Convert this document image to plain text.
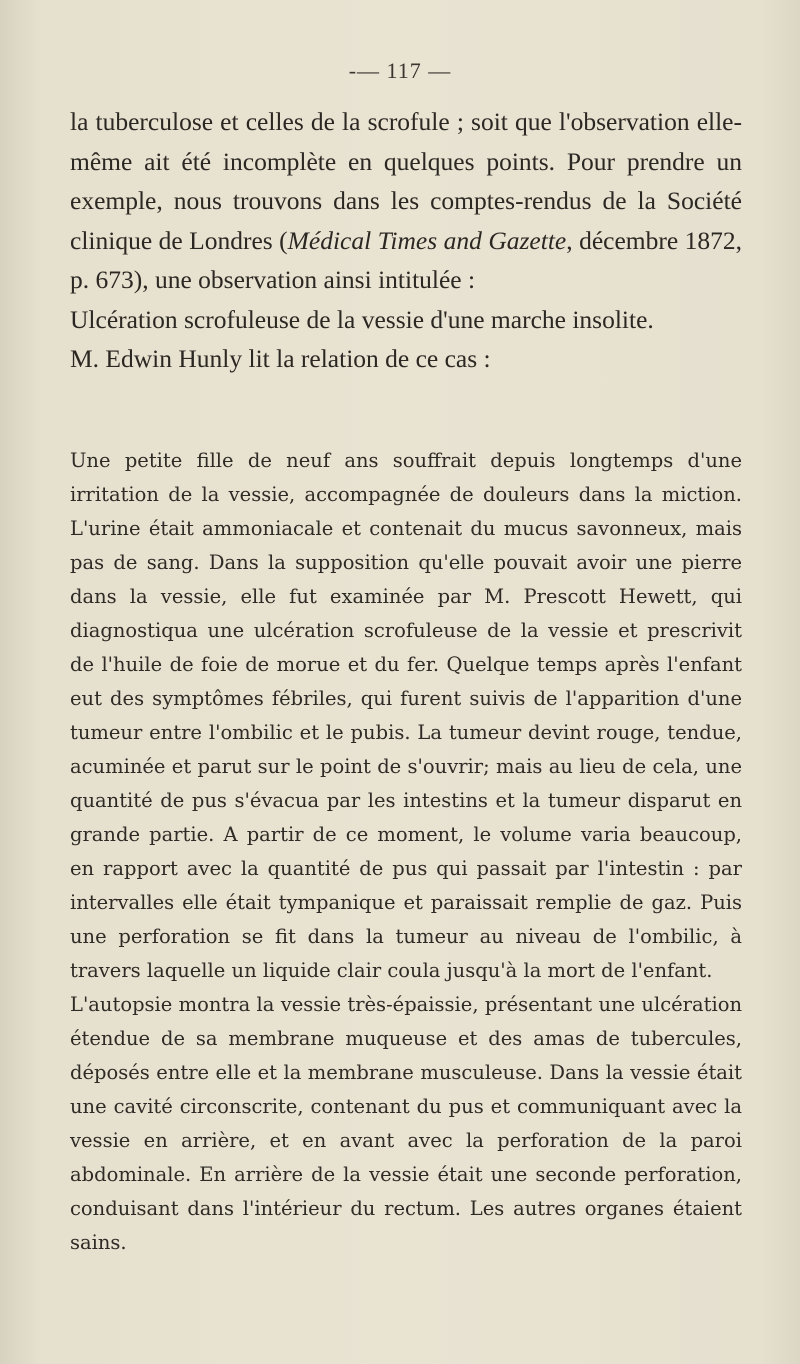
-— 117 —

la tuberculose et celles de la scrofule ; soit que l'observation elle-même ait été incomplète en quelques points. Pour prendre un exemple, nous trouvons dans les comptes-rendus de la Société clinique de Londres (Médical Times and Gazette, décembre 1872, p. 673), une observation ainsi intitulée :

Ulcération scrofuleuse de la vessie d'une marche insolite.

M. Edwin Hunly lit la relation de ce cas :

Une petite fille de neuf ans souffrait depuis longtemps d'une irritation de la vessie, accompagnée de douleurs dans la miction. L'urine était ammoniacale et contenait du mucus savonneux, mais pas de sang. Dans la supposition qu'elle pouvait avoir une pierre dans la vessie, elle fut examinée par M. Prescott Hewett, qui diagnostiqua une ulcération scrofuleuse de la vessie et prescrivit de l'huile de foie de morue et du fer. Quelque temps après l'enfant eut des symptômes fébriles, qui furent suivis de l'apparition d'une tumeur entre l'ombilic et le pubis. La tumeur devint rouge, tendue, acuminée et parut sur le point de s'ouvrir; mais au lieu de cela, une quantité de pus s'évacua par les intestins et la tumeur disparut en grande partie. A partir de ce moment, le volume varia beaucoup, en rapport avec la quantité de pus qui passait par l'intestin : par intervalles elle était tympanique et paraissait remplie de gaz. Puis une perforation se fit dans la tumeur au niveau de l'ombilic, à travers laquelle un liquide clair coula jusqu'à la mort de l'enfant.

L'autopsie montra la vessie très-épaissie, présentant une ulcération étendue de sa membrane muqueuse et des amas de tubercules, déposés entre elle et la membrane musculeuse. Dans la vessie était une cavité circonscrite, contenant du pus et communiquant avec la vessie en arrière, et en avant avec la perforation de la paroi abdominale. En arrière de la vessie était une seconde perforation, conduisant dans l'intérieur du rectum. Les autres organes étaient sains.
